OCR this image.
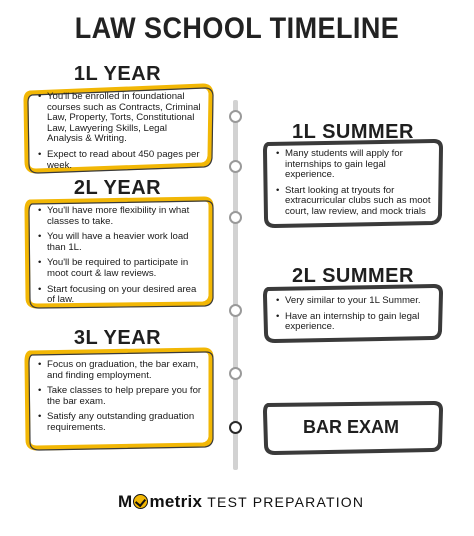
LAW SCHOOL TIMELINE
1L YEAR
1L SUMMER
2L YEAR
2L SUMMER
3L YEAR
• You'll be enrolled in foundational courses such as Contracts, Criminal Law, Property, Torts, Constitutional Law, Lawyering Skills, Legal Analysis & Writing.
• Expect to read about 450 pages per week.
• Many students will apply for internships to gain legal experience.
• Start looking at tryouts for extracurricular clubs such as moot court, law review, and mock trials
• You'll have more flexibility in what classes to take.
• You will have a heavier work load than 1L.
• You'll be required to participate in moot court & law reviews.
• Start focusing on your desired area of law.
•	Very similar to your 1L Summer.
• Have an internship to gain legal experience.
• Focus on graduation, the bar exam, and finding employment.
• Take classes to help prepare you for the bar exam.
• Satisfy any outstanding graduation requirements.	BAR EXAM
M metrix TEST PREPARATION
